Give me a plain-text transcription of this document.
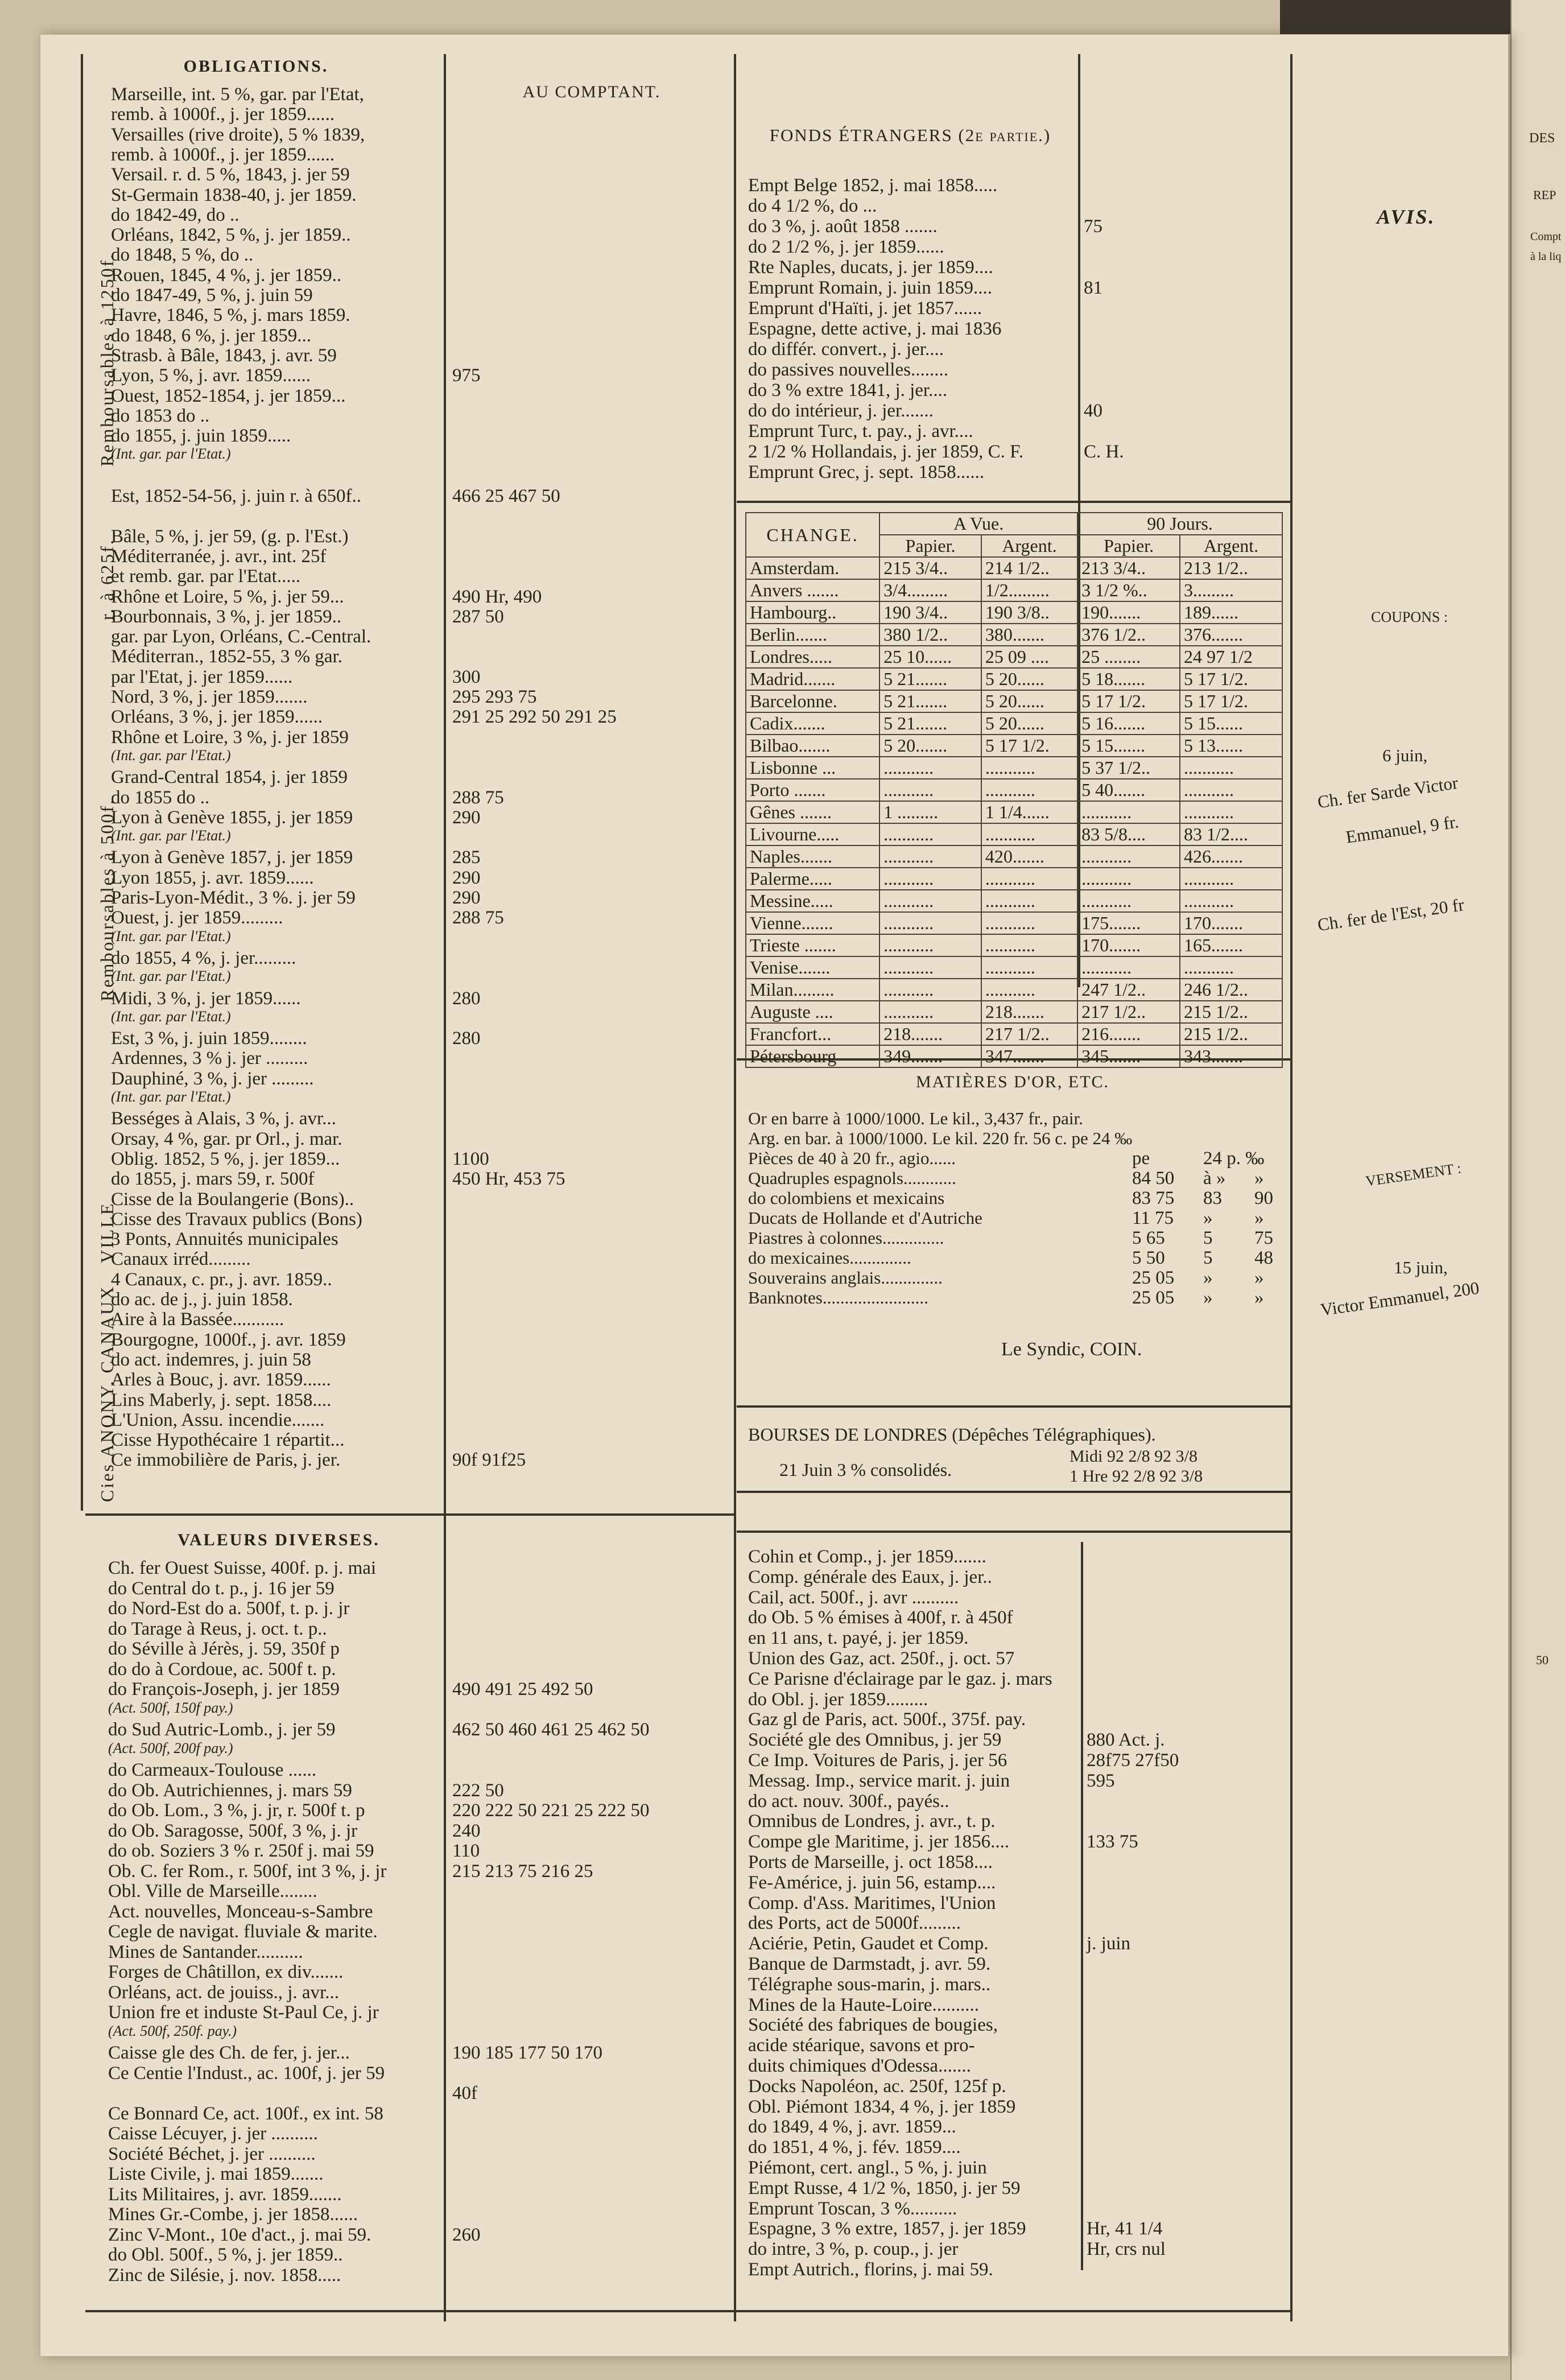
OBLIGATIONS.
AU COMPTANT.
Remboursables à 1250f.
r. à 625f.
Remboursables à 500f.
VILLE
Cies ANONY. CANAUX
Marseille, int. 5 %, gar. par l'Etat,
remb. à 1000f., j. jer 1859......
Versailles (rive droite), 5 % 1839,
remb. à 1000f., j. jer 1859......
Versail. r. d. 5 %, 1843, j. jer 59
St-Germain 1838-40, j. jer 1859.
do 1842-49, do ..
Orléans, 1842, 5 %, j. jer 1859..
do 1848, 5 %, do ..
Rouen, 1845, 4 %, j. jer 1859..
do 1847-49, 5 %, j. juin 59
Havre, 1846, 5 %, j. mars 1859.
do 1848, 6 %, j. jer 1859...
Strasb. à Bâle, 1843, j. avr. 59
Lyon, 5 %, j. avr. 1859......	975
Ouest, 1852-1854, j. jer 1859...
do 1853 do ..
do 1855, j. juin 1859.....
(Int. gar. par l'Etat.)
Est, 1852-54-56, j. juin r. à 650f..	466 25 467 50
Bâle, 5 %, j. jer 59, (g. p. l'Est.)
Méditerranée, j. avr., int. 25f
et remb. gar. par l'Etat.....
Rhône et Loire, 5 %, j. jer 59...	490 Hr, 490
Bourbonnais, 3 %, j. jer 1859..	287 50
gar. par Lyon, Orléans, C.-Central.
Méditerran., 1852-55, 3 % gar.
par l'Etat, j. jer 1859......	300
Nord, 3 %, j. jer 1859.......	295 293 75
Orléans, 3 %, j. jer 1859......	291 25 292 50 291 25
Rhône et Loire, 3 %, j. jer 1859
(Int. gar. par l'Etat.)
Grand-Central 1854, j. jer 1859
do 1855 do ..	288 75
Lyon à Genève 1855, j. jer 1859	290
(Int. gar. par l'Etat.)
Lyon à Genève 1857, j. jer 1859	285
Lyon 1855, j. avr. 1859......	290
Paris-Lyon-Médit., 3 %. j. jer 59	290
Ouest, j. jer 1859.........	288 75
(Int. gar. par l'Etat.)
do 1855, 4 %, j. jer.........
(Int. gar. par l'Etat.)
Midi, 3 %, j. jer 1859......	280
(Int. gar. par l'Etat.)
Est, 3 %, j. juin 1859........	280
Ardennes, 3 % j. jer .........
Dauphiné, 3 %, j. jer .........
(Int. gar. par l'Etat.)
Bességes à Alais, 3 %, j. avr...
Orsay, 4 %, gar. pr Orl., j. mar.
Oblig. 1852, 5 %, j. jer 1859...	1100
do 1855, j. mars 59, r. 500f	450 Hr, 453 75
Cisse de la Boulangerie (Bons)..
Cisse des Travaux publics (Bons)
3 Ponts, Annuités municipales
Canaux irréd.........
4 Canaux, c. pr., j. avr. 1859..
do ac. de j., j. juin 1858.
Aire à la Bassée...........
Bourgogne, 1000f., j. avr. 1859
do act. indemres, j. juin 58
Arles à Bouc, j. avr. 1859......
Lins Maberly, j. sept. 1858....
L'Union, Assu. incendie.......
Cisse Hypothécaire 1 répartit...
Ce immobilière de Paris, j. jer.	90f 91f25
VALEURS DIVERSES.
Ch. fer Ouest Suisse, 400f. p. j. mai
do Central do t. p., j. 16 jer 59
do Nord-Est do a. 500f, t. p. j. jr
do Tarage à Reus, j. oct. t. p..
do Séville à Jérès, j. 59, 350f p
do do à Cordoue, ac. 500f t. p.
do François-Joseph, j. jer 1859	490 491 25 492 50
(Act. 500f, 150f pay.)
do Sud Autric-Lomb., j. jer 59	462 50 460 461 25 462 50
(Act. 500f, 200f pay.)
do Carmeaux-Toulouse ......
do Ob. Autrichiennes, j. mars 59	222 50
do Ob. Lom., 3 %, j. jr, r. 500f t. p	220 222 50 221 25 222 50
do Ob. Saragosse, 500f, 3 %, j. jr	240
do ob. Soziers 3 % r. 250f j. mai 59	110
Ob. C. fer Rom., r. 500f, int 3 %, j. jr	215 213 75 216 25
Obl. Ville de Marseille........
Act. nouvelles, Monceau-s-Sambre
Cegle de navigat. fluviale & marite.
Mines de Santander..........
Forges de Châtillon, ex div.......
Orléans, act. de jouiss., j. avr...
Union fre et induste St-Paul Ce, j. jr
(Act. 500f, 250f. pay.)
Caisse gle des Ch. de fer, j. jer...	190 185 177 50 170
Ce Centie l'Indust., ac. 100f, j. jer 59
40f
Ce Bonnard Ce, act. 100f., ex int. 58
Caisse Lécuyer, j. jer ..........
Société Béchet, j. jer ..........
Liste Civile, j. mai 1859.......
Lits Militaires, j. avr. 1859.......
Mines Gr.-Combe, j. jer 1858......
Zinc V-Mont., 10e d'act., j. mai 59.	260
do Obl. 500f., 5 %, j. jer 1859..
Zinc de Silésie, j. nov. 1858.....
FONDS ÉTRANGERS (2e partie.)
Empt Belge 1852, j. mai 1858.....
do 4 1/2 %, do ...
do 3 %, j. août 1858 .......	75
do 2 1/2 %, j. jer 1859......
Rte Naples, ducats, j. jer 1859....
Emprunt Romain, j. juin 1859....	81
Emprunt d'Haïti, j. jet 1857......
Espagne, dette active, j. mai 1836
do différ. convert., j. jer....
do passives nouvelles........
do 3 % extre 1841, j. jer....
do do intérieur, j. jer.......	40
Emprunt Turc, t. pay., j. avr....
2 1/2 % Hollandais, j. jer 1859, C. F.	C. H.
Emprunt Grec, j. sept. 1858......
CHANGE.	A Vue.		90 Jours.	
	Papier.	Argent.	Papier.	Argent.
Amsterdam.	215 3/4..	214 1/2..	213 3/4..	213 1/2..
Anvers .......	3/4.........	1/2.........	3 1/2 %..	3.........
Hambourg..	190 3/4..	190 3/8..	190.......	189......
Berlin.......	380 1/2..	380.......	376 1/2..	376.......
Londres.....	25 10......	25 09 ....	25 ........	24 97 1/2
Madrid.......	5 21.......	5 20......	5 18.......	5 17 1/2.
Barcelonne.	5 21.......	5 20......	5 17 1/2.	5 17 1/2.
Cadix.......	5 21.......	5 20......	5 16.......	5 15......
Bilbao.......	5 20.......	5 17 1/2.	5 15.......	5 13......
Lisbonne ...	...........	...........	5 37 1/2..	...........
Porto .......	...........	...........	5 40.......	...........
Gênes .......	1 .........	1 1/4......	...........	...........
Livourne.....	...........	...........	83 5/8....	83 1/2....
Naples.......	...........	420.......	...........	426.......
Palerme.....	...........	...........	...........	...........
Messine.....	...........	...........	...........	...........
Vienne.......	...........	...........	175.......	170.......
Trieste .......	...........	...........	170.......	165.......
Venise.......	...........	...........	...........	...........
Milan.........	...........	...........	247 1/2..	246 1/2..
Auguste ....	...........	218.......	217 1/2..	215 1/2..
Francfort...	218.......	217 1/2..	216.......	215 1/2..
Pétersbourg	349.......	347.......	345.......	343.......
MATIÈRES D'OR, ETC.
Or en barre à 1000/1000. Le kil., 3,437 fr., pair.
Arg. en bar. à 1000/1000. Le kil. 220 fr. 56 c. pe 24 ‰
Pièces de 40 à 20 fr., agio......	pe	24 p. ‰
Quadruples espagnols............	84 50 à » »
do colombiens et mexicains	83 75 83 90
Ducats de Hollande et d'Autriche	11 75 » »
Piastres à colonnes..............	5 65 5 75
do mexicaines..............	5 50 5 48
Souverains anglais..............	25 05 » »
Banknotes........................	25 05 » »
Le Syndic, COIN.
BOURSES DE LONDRES (Dépêches Télégraphiques).
21 Juin 3 % consolidés.
Midi 92 2/8 92 3/8
1 Hre 92 2/8 92 3/8
Cohin et Comp., j. jer 1859.......
Comp. générale des Eaux, j. jer..
Cail, act. 500f., j. avr ..........
do Ob. 5 % émises à 400f, r. à 450f
en 11 ans, t. payé, j. jer 1859.
Union des Gaz, act. 250f., j. oct. 57
Ce Parisne d'éclairage par le gaz. j. mars
do Obl. j. jer 1859.........
Gaz gl de Paris, act. 500f., 375f. pay.
Société gle des Omnibus, j. jer 59	880 Act. j.
Ce Imp. Voitures de Paris, j. jer 56	28f75 27f50
Messag. Imp., service marit. j. juin	595
do act. nouv. 300f., payés..
Omnibus de Londres, j. avr., t. p.
Compe gle Maritime, j. jer 1856....	133 75
Ports de Marseille, j. oct 1858....
Fe-Américe, j. juin 56, estamp....
Comp. d'Ass. Maritimes, l'Union
des Ports, act de 5000f.........
Aciérie, Petin, Gaudet et Comp.	j. juin
Banque de Darmstadt, j. avr. 59.
Télégraphe sous-marin, j. mars..
Mines de la Haute-Loire..........
Société des fabriques de bougies,
acide stéarique, savons et pro-
duits chimiques d'Odessa.......
Docks Napoléon, ac. 250f, 125f p.
Obl. Piémont 1834, 4 %, j. jer 1859
do 1849, 4 %, j. avr. 1859...
do 1851, 4 %, j. fév. 1859....
Piémont, cert. angl., 5 %, j. juin
Empt Russe, 4 1/2 %, 1850, j. jer 59
Emprunt Toscan, 3 %..........
Espagne, 3 % extre, 1857, j. jer 1859	Hr, 41 1/4
do intre, 3 %, p. coup., j. jer	Hr, crs nul
Empt Autrich., florins, j. mai 59.
AVIS.
COUPONS :
6 juin,
Ch. fer Sarde Victor
Emmanuel, 9 fr.
Ch. fer de l'Est, 20 fr
VERSEMENT :
15 juin,
Victor Emmanuel, 200
DES
REP
Compt
à la liq
50
